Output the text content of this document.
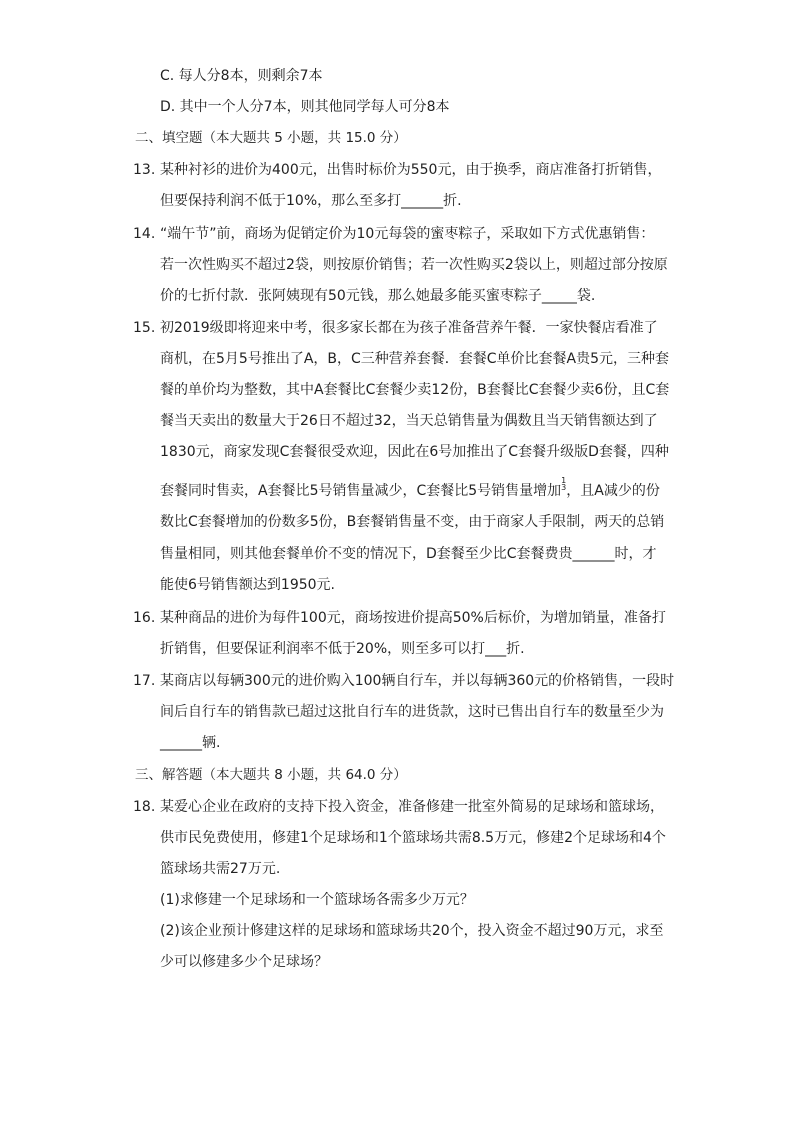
C. 每人分8本，则剩余7本
D. 其中一个人分7本，则其他同学每人可分8本
二、填空题（本大题共 5 小题，共 15.0 分）
13. 某种衬衫的进价为400元，出售时标价为550元，由于换季，商店准备打折销售，
但要保持利润不低于10%，那么至多打______折.
14. “端午节”前，商场为促销定价为10元每袋的蜜枣粽子，采取如下方式优惠销售：
若一次性购买不超过2袋，则按原价销售；若一次性购买2袋以上，则超过部分按原
价的七折付款．张阿姨现有50元钱，那么她最多能买蜜枣粽子_____袋.
15. 初2019级即将迎来中考，很多家长都在为孩子准备营养午餐．一家快餐店看准了
商机，在5月5号推出了A，B，C三种营养套餐．套餐C单价比套餐A贵5元，三种套
餐的单价均为整数，其中A套餐比C套餐少卖12份，B套餐比C套餐少卖6份，且C套
餐当天卖出的数量大于26日不超过32，当天总销售量为偶数且当天销售额达到了
1830元，商家发现C套餐很受欢迎，因此在6号加推出了C套餐升级版D套餐，四种
套餐同时售卖，A套餐比5号销售量减少，C套餐比5号销售量增加1
3，且A减少的份
数比C套餐增加的份数多5份，B套餐销售量不变，由于商家人手限制，两天的总销
售量相同，则其他套餐单价不变的情况下，D套餐至少比C套餐费贵______时，才
能使6号销售额达到1950元.
16. 某种商品的进价为每件100元，商场按进价提高50%后标价，为增加销量，准备打
折销售，但要保证利润率不低于20%，则至多可以打___折.
17. 某商店以每辆300元的进价购入100辆自行车，并以每辆360元的价格销售，一段时
间后自行车的销售款已超过这批自行车的进货款，这时已售出自行车的数量至少为
______辆.
三、解答题（本大题共 8 小题，共 64.0 分）
18. 某爱心企业在政府的支持下投入资金，准备修建一批室外简易的足球场和篮球场，
供市民免费使用，修建1个足球场和1个篮球场共需8.5万元，修建2个足球场和4个
篮球场共需27万元.
(1)求修建一个足球场和一个篮球场各需多少万元？
(2)该企业预计修建这样的足球场和篮球场共20个，投入资金不超过90万元，求至
少可以修建多少个足球场？
